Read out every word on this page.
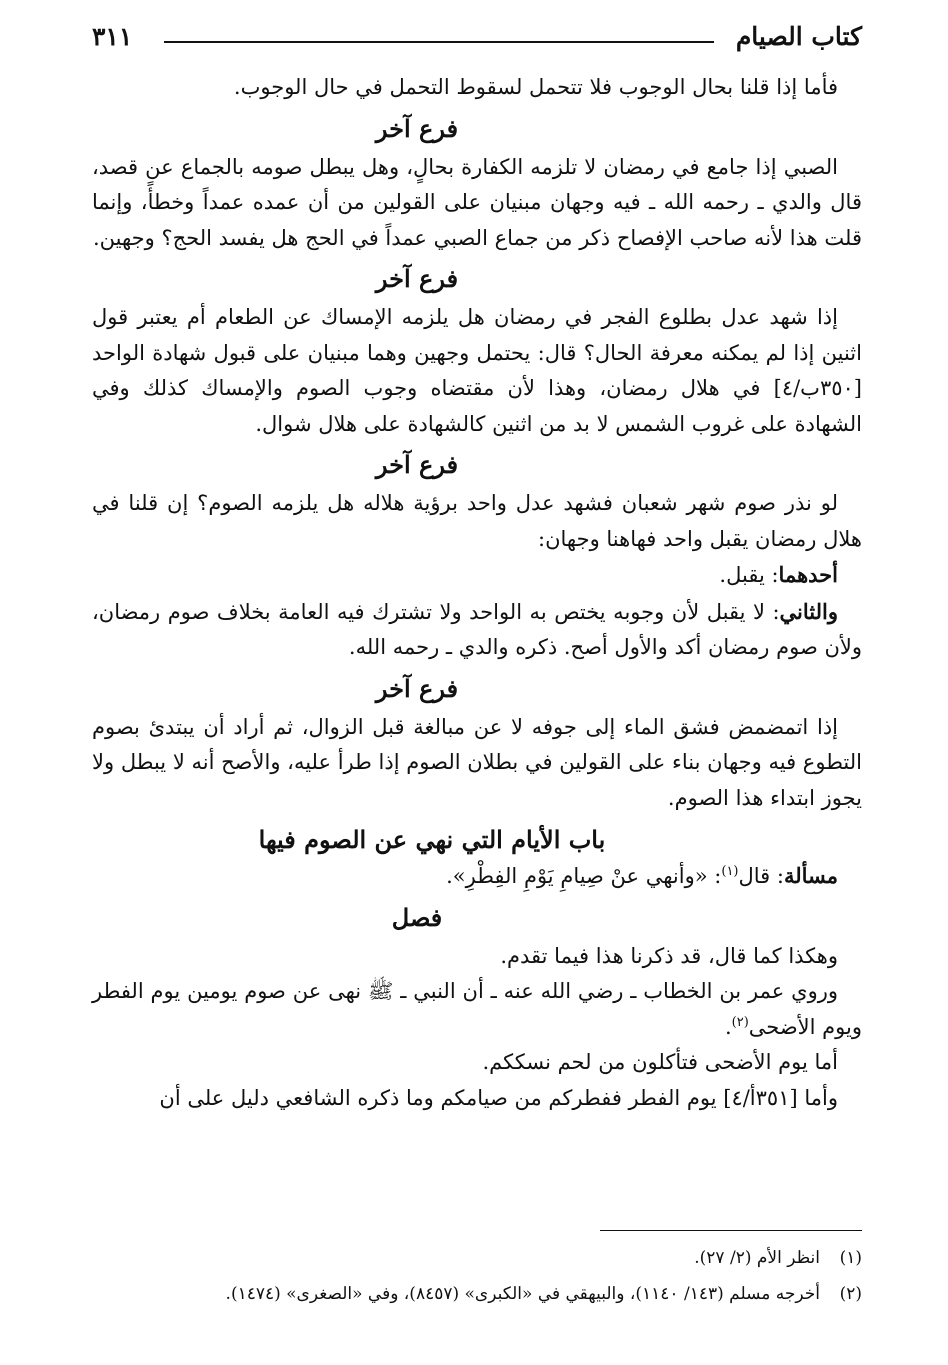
كتاب الصيام
٣١١

فأما إذا قلنا بحال الوجوب فلا تتحمل لسقوط التحمل في حال الوجوب.

فرع آخر

الصبي إذا جامع في رمضان لا تلزمه الكفارة بحالٍ، وهل يبطل صومه بالجماع عن قصد، قال والدي ـ رحمه الله ـ فيه وجهان مبنيان على القولين من أن عمده عمداً وخطأً، وإنما قلت هذا لأنه صاحب الإفصاح ذكر من جماع الصبي عمداً في الحج هل يفسد الحج؟ وجهين.

فرع آخر

إذا شهد عدل بطلوع الفجر في رمضان هل يلزمه الإمساك عن الطعام أم يعتبر قول اثنين إذا لم يمكنه معرفة الحال؟ قال: يحتمل وجهين وهما مبنيان على قبول شهادة الواحد [٣٥٠ب/٤] في هلال رمضان، وهذا لأن مقتضاه وجوب الصوم والإمساك كذلك وفي الشهادة على غروب الشمس لا بد من اثنين كالشهادة على هلال شوال.

فرع آخر

لو نذر صوم شهر شعبان فشهد عدل واحد برؤية هلاله هل يلزمه الصوم؟ إن قلنا في هلال رمضان يقبل واحد فهاهنا وجهان:

أحدهما: يقبل.

والثاني: لا يقبل لأن وجوبه يختص به الواحد ولا تشترك فيه العامة بخلاف صوم رمضان، ولأن صوم رمضان أكد والأول أصح. ذكره والدي ـ رحمه الله.

فرع آخر

إذا اتمضمض فشق الماء إلى جوفه لا عن مبالغة قبل الزوال، ثم أراد أن يبتدئ بصوم التطوع فيه وجهان بناء على القولين في بطلان الصوم إذا طرأ عليه، والأصح أنه لا يبطل ولا يجوز ابتداء هذا الصوم.

باب الأيام التي نهي عن الصوم فيها

مسألة: قال$^{(١)}$: «وأنهي عنْ صِيامِ يَوْمِ الفِطْرِ».

فصل

وهكذا كما قال، قد ذكرنا هذا فيما تقدم.

وروي عمر بن الخطاب ـ رضي الله عنه ـ أن النبي ـ ﷺ نهى عن صوم يومين يوم الفطر ويوم الأضحى$^{(٢)}$.

أما يوم الأضحى فتأكلون من لحم نسككم.

وأما [٣٥١أ/٤] يوم الفطر ففطركم من صيامكم وما ذكره الشافعي دليل على أن

(١)انظر الأم (٢/ ٢٧).

(٢)أخرجه مسلم (١٤٣/ ١١٤٠)، والبيهقي في «الكبرى» (٨٤٥٧)، وفي «الصغرى» (١٤٧٤).
